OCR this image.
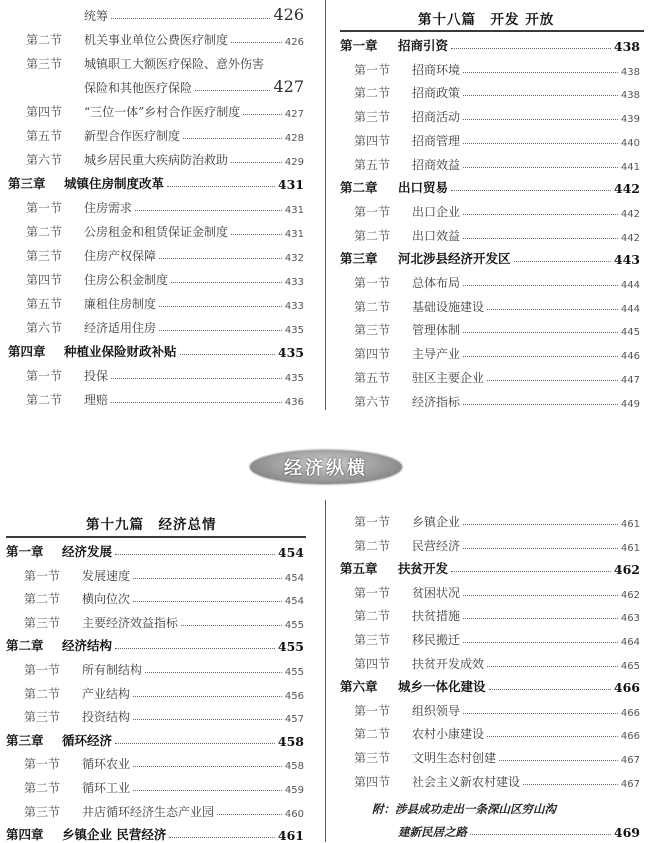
统筹	426
第二节 机关事业单位公费医疗制度	426
第三节 城镇职工大额医疗保险、意外伤害
保险和其他医疗保险	427
第四节 “三位一体”乡村合作医疗制度	427
第五节 新型合作医疗制度	428
第六节 城乡居民重大疾病防治救助	429
第三章 城镇住房制度改革	431
第一节 住房需求	431
第二节 公房租金和租赁保证金制度	431
第三节 住房产权保障	432
第四节 住房公积金制度	433
第五节 廉租住房制度	433
第六节 经济适用住房	435
第四章 种植业保险财政补贴	435
第一节 投保	435
第二节 理赔	436
第十八篇　开发 开放
第一章 招商引资	438
第一节 招商环境	438
第二节 招商政策	438
第三节 招商活动	439
第四节 招商管理	440
第五节 招商效益	441
第二章 出口贸易	442
第一节 出口企业	442
第二节 出口效益	442
第三章 河北涉县经济开发区	443
第一节 总体布局	444
第二节 基础设施建设	444
第三节 管理体制	445
第四节 主导产业	446
第五节 驻区主要企业	447
第六节 经济指标	449
经济纵横
第十九篇　经济总情
第一章 经济发展	454
第一节 发展速度	454
第二节 横向位次	454
第三节 主要经济效益指标	455
第二章 经济结构	455
第一节 所有制结构	455
第二节 产业结构	456
第三节 投资结构	457
第三章 循环经济	458
第一节 循环农业	458
第二节 循环工业	459
第三节 井店循环经济生态产业园	460
第四章 乡镇企业 民营经济	461
第一节 乡镇企业	461
第二节 民营经济	461
第五章 扶贫开发	462
第一节 贫困状况	462
第二节 扶贫措施	463
第三节 移民搬迁	464
第四节 扶贫开发成效	465
第六章 城乡一体化建设	466
第一节 组织领导	466
第二节 农村小康建设	466
第三节 文明生态村创建	467
第四节 社会主义新农村建设	467
附：涉县成功走出一条深山区穷山沟
建新民居之路	469
